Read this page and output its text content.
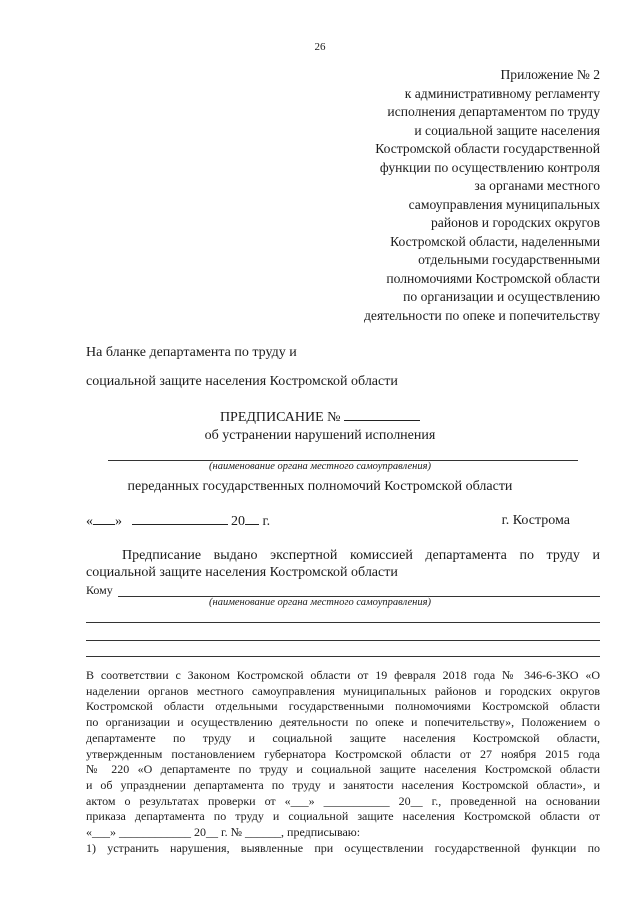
26
Приложение № 2
к административному регламенту
исполнения департаментом по труду
и социальной защите населения
Костромской области государственной
функции по осуществлению контроля
за органами местного
самоуправления муниципальных
районов и городских округов
Костромской области, наделенными
отдельными государственными
полномочиями Костромской области
по организации и осуществлению
деятельности по опеке и попечительству
На бланке департамента по труду и
социальной защите населения Костромской области
ПРЕДПИСАНИЕ №
об устранении нарушений исполнения
(наименование органа местного самоуправления)
переданных государственных полномочий Костромской области
« »	20 г.	г. Кострома
Предписание выдано экспертной комиссией департамента по труду и
социальной защите населения Костромской области
Кому
(наименование органа местного самоуправления)
В соответствии с Законом Костромской области от 19 февраля 2018 года № 346-6-ЗКО «О
наделении органов местного самоуправления муниципальных районов и городских округов
Костромской области отдельными государственными полномочиями Костромской области
по организации и осуществлению деятельности по опеке и попечительству», Положением о
департаменте по труду и социальной защите населения Костромской области,
утвержденным постановлением губернатора Костромской области от 27 ноября 2015 года
№ 220 «О департаменте по труду и социальной защите населения Костромской области
и об упразднении департамента по труду и занятости населения Костромской области», и
актом о результатах проверки от «___» ___________ 20__ г., проведенной на основании
приказа департамента по труду и социальной защите населения Костромской области от
«___» ____________ 20__ г. № ______, предписываю:
1) устранить нарушения, выявленные при осуществлении государственной функции по
